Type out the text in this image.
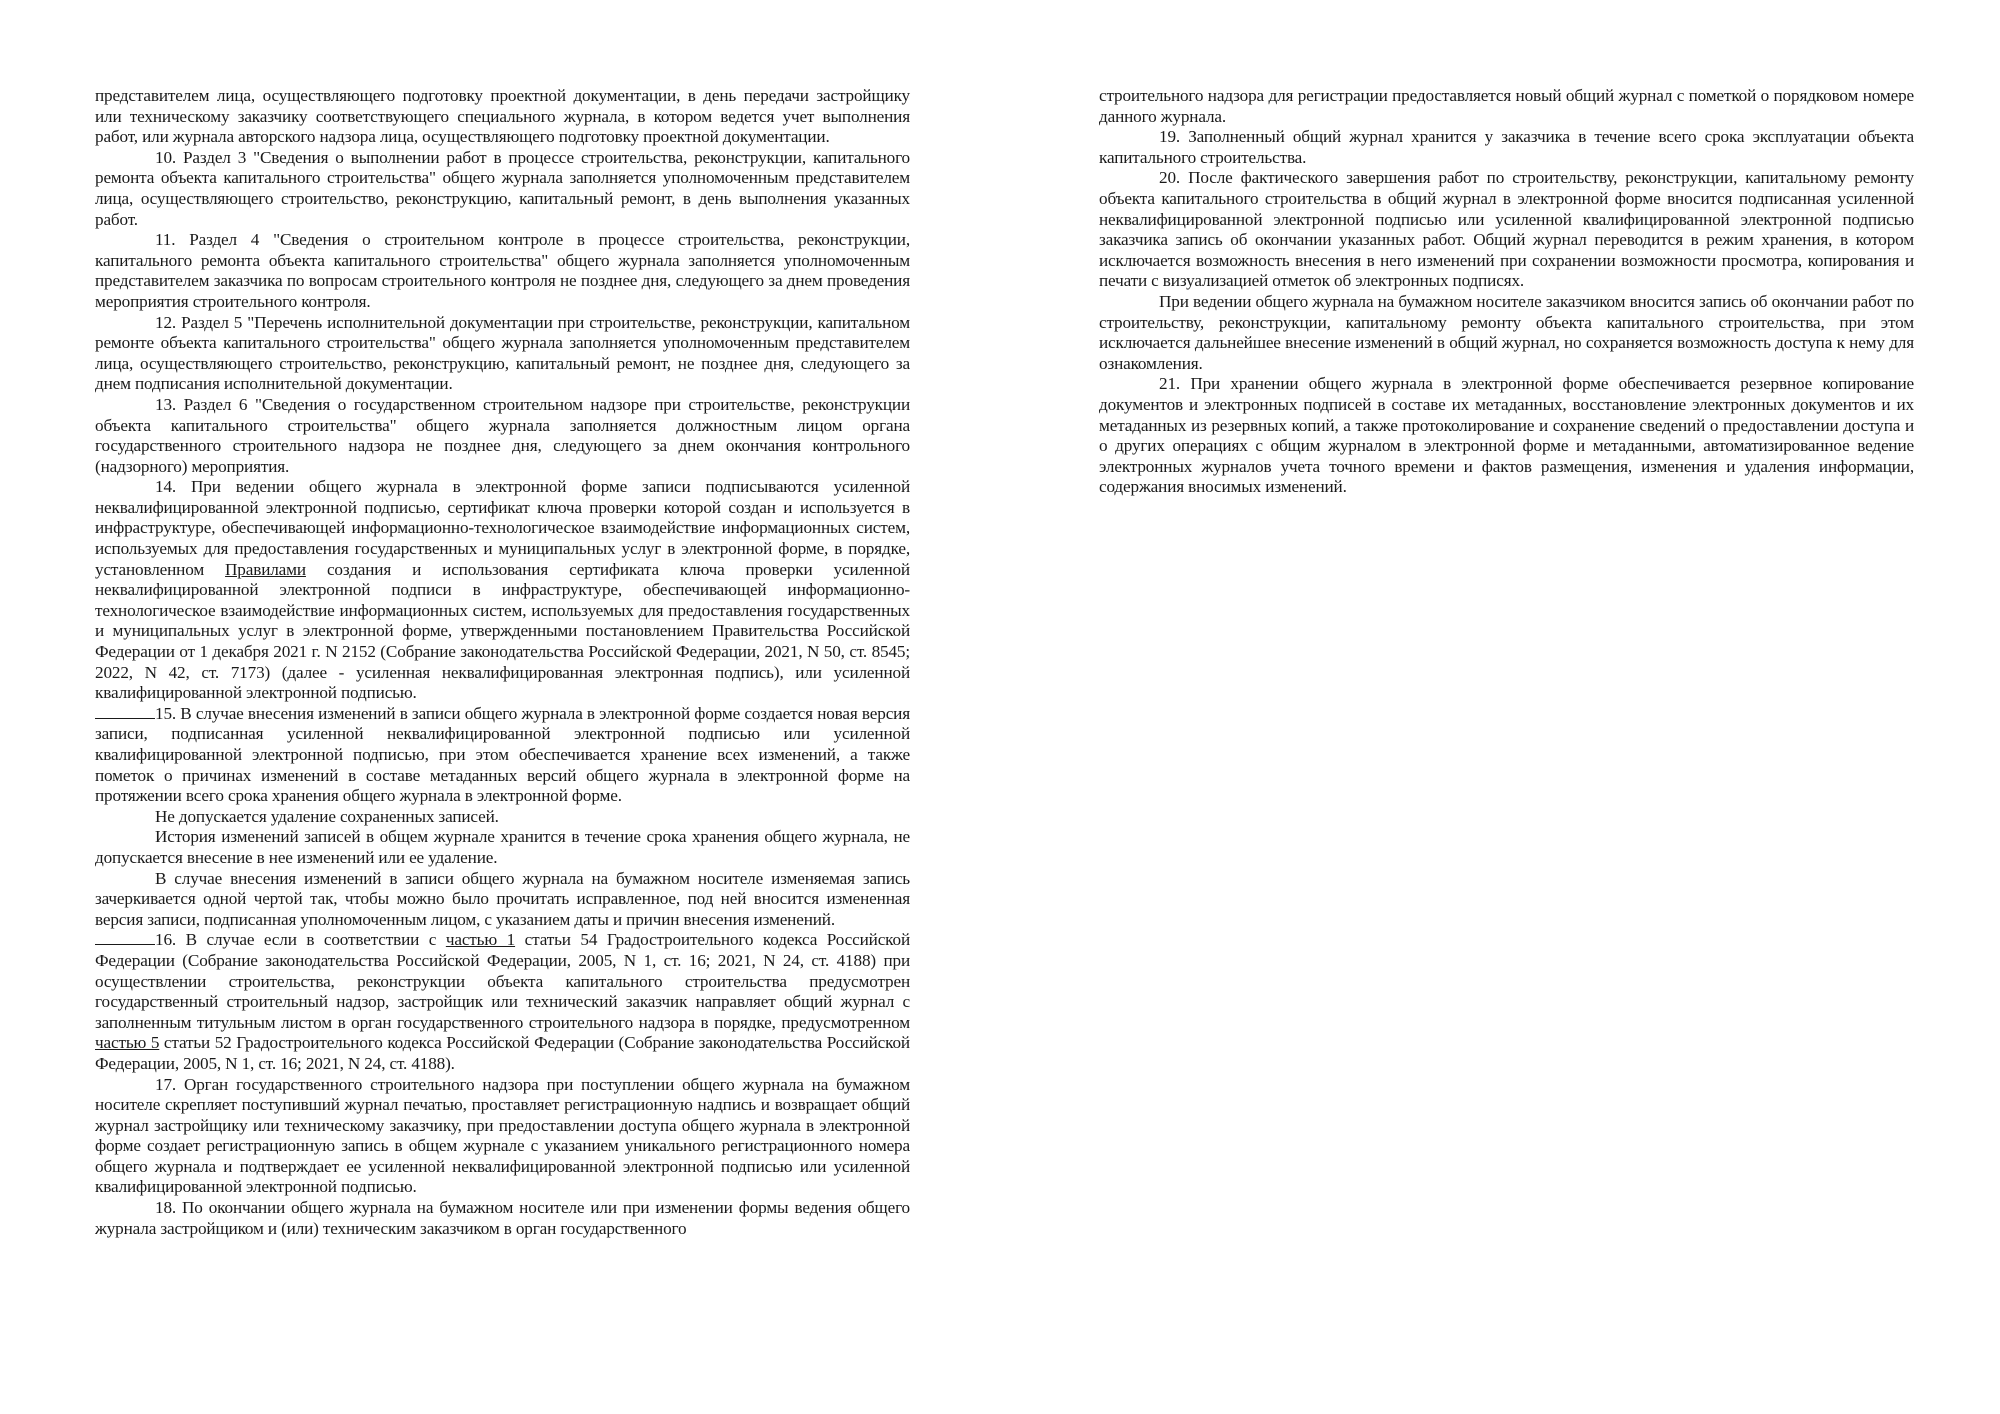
представителем лица, осуществляющего подготовку проектной документации, в день передачи застройщику или техническому заказчику соответствующего специального журнала, в котором ведется учет выполнения работ, или журнала авторского надзора лица, осуществляющего подготовку проектной документации.

10. Раздел 3 "Сведения о выполнении работ в процессе строительства, реконструкции, капитального ремонта объекта капитального строительства" общего журнала заполняется уполномоченным представителем лица, осуществляющего строительство, реконструкцию, капитальный ремонт, в день выполнения указанных работ.

11. Раздел 4 "Сведения о строительном контроле в процессе строительства, реконструкции, капитального ремонта объекта капитального строительства" общего журнала заполняется уполномоченным представителем заказчика по вопросам строительного контроля не позднее дня, следующего за днем проведения мероприятия строительного контроля.

12. Раздел 5 "Перечень исполнительной документации при строительстве, реконструкции, капитальном ремонте объекта капитального строительства" общего журнала заполняется уполномоченным представителем лица, осуществляющего строительство, реконструкцию, капитальный ремонт, не позднее дня, следующего за днем подписания исполнительной документации.

13. Раздел 6 "Сведения о государственном строительном надзоре при строительстве, реконструкции объекта капитального строительства" общего журнала заполняется должностным лицом органа государственного строительного надзора не позднее дня, следующего за днем окончания контрольного (надзорного) мероприятия.

14. При ведении общего журнала в электронной форме записи подписываются усиленной неквалифицированной электронной подписью, сертификат ключа проверки которой создан и используется в инфраструктуре, обеспечивающей информационно-технологическое взаимодействие информационных систем, используемых для предоставления государственных и муниципальных услуг в электронной форме, в порядке, установленном Правилами создания и использования сертификата ключа проверки усиленной неквалифицированной электронной подписи в инфраструктуре, обеспечивающей информационно-технологическое взаимодействие информационных систем, используемых для предоставления государственных и муниципальных услуг в электронной форме, утвержденными постановлением Правительства Российской Федерации от 1 декабря 2021 г. N 2152 (Собрание законодательства Российской Федерации, 2021, N 50, ст. 8545; 2022, N 42, ст. 7173) (далее - усиленная неквалифицированная электронная подпись), или усиленной квалифицированной электронной подписью.

15. В случае внесения изменений в записи общего журнала в электронной форме создается новая версия записи, подписанная усиленной неквалифицированной электронной подписью или усиленной квалифицированной электронной подписью, при этом обеспечивается хранение всех изменений, а также пометок о причинах изменений в составе метаданных версий общего журнала в электронной форме на протяжении всего срока хранения общего журнала в электронной форме.

Не допускается удаление сохраненных записей.

История изменений записей в общем журнале хранится в течение срока хранения общего журнала, не допускается внесение в нее изменений или ее удаление.

В случае внесения изменений в записи общего журнала на бумажном носителе изменяемая запись зачеркивается одной чертой так, чтобы можно было прочитать исправленное, под ней вносится измененная версия записи, подписанная уполномоченным лицом, с указанием даты и причин внесения изменений.

16. В случае если в соответствии с частью 1 статьи 54 Градостроительного кодекса Российской Федерации (Собрание законодательства Российской Федерации, 2005, N 1, ст. 16; 2021, N 24, ст. 4188) при осуществлении строительства, реконструкции объекта капитального строительства предусмотрен государственный строительный надзор, застройщик или технический заказчик направляет общий журнал с заполненным титульным листом в орган государственного строительного надзора в порядке, предусмотренном частью 5 статьи 52 Градостроительного кодекса Российской Федерации (Собрание законодательства Российской Федерации, 2005, N 1, ст. 16; 2021, N 24, ст. 4188).

17. Орган государственного строительного надзора при поступлении общего журнала на бумажном носителе скрепляет поступивший журнал печатью, проставляет регистрационную надпись и возвращает общий журнал застройщику или техническому заказчику, при предоставлении доступа общего журнала в электронной форме создает регистрационную запись в общем журнале с указанием уникального регистрационного номера общего журнала и подтверждает ее усиленной неквалифицированной электронной подписью или усиленной квалифицированной электронной подписью.

18. По окончании общего журнала на бумажном носителе или при изменении формы ведения общего журнала застройщиком и (или) техническим заказчиком в орган государственного

строительного надзора для регистрации предоставляется новый общий журнал с пометкой о порядковом номере данного журнала.

19. Заполненный общий журнал хранится у заказчика в течение всего срока эксплуатации объекта капитального строительства.

20. После фактического завершения работ по строительству, реконструкции, капитальному ремонту объекта капитального строительства в общий журнал в электронной форме вносится подписанная усиленной неквалифицированной электронной подписью или усиленной квалифицированной электронной подписью заказчика запись об окончании указанных работ. Общий журнал переводится в режим хранения, в котором исключается возможность внесения в него изменений при сохранении возможности просмотра, копирования и печати с визуализацией отметок об электронных подписях.

При ведении общего журнала на бумажном носителе заказчиком вносится запись об окончании работ по строительству, реконструкции, капитальному ремонту объекта капитального строительства, при этом исключается дальнейшее внесение изменений в общий журнал, но сохраняется возможность доступа к нему для ознакомления.

21. При хранении общего журнала в электронной форме обеспечивается резервное копирование документов и электронных подписей в составе их метаданных, восстановление электронных документов и их метаданных из резервных копий, а также протоколирование и сохранение сведений о предоставлении доступа и о других операциях с общим журналом в электронной форме и метаданными, автоматизированное ведение электронных журналов учета точного времени и фактов размещения, изменения и удаления информации, содержания вносимых изменений.
